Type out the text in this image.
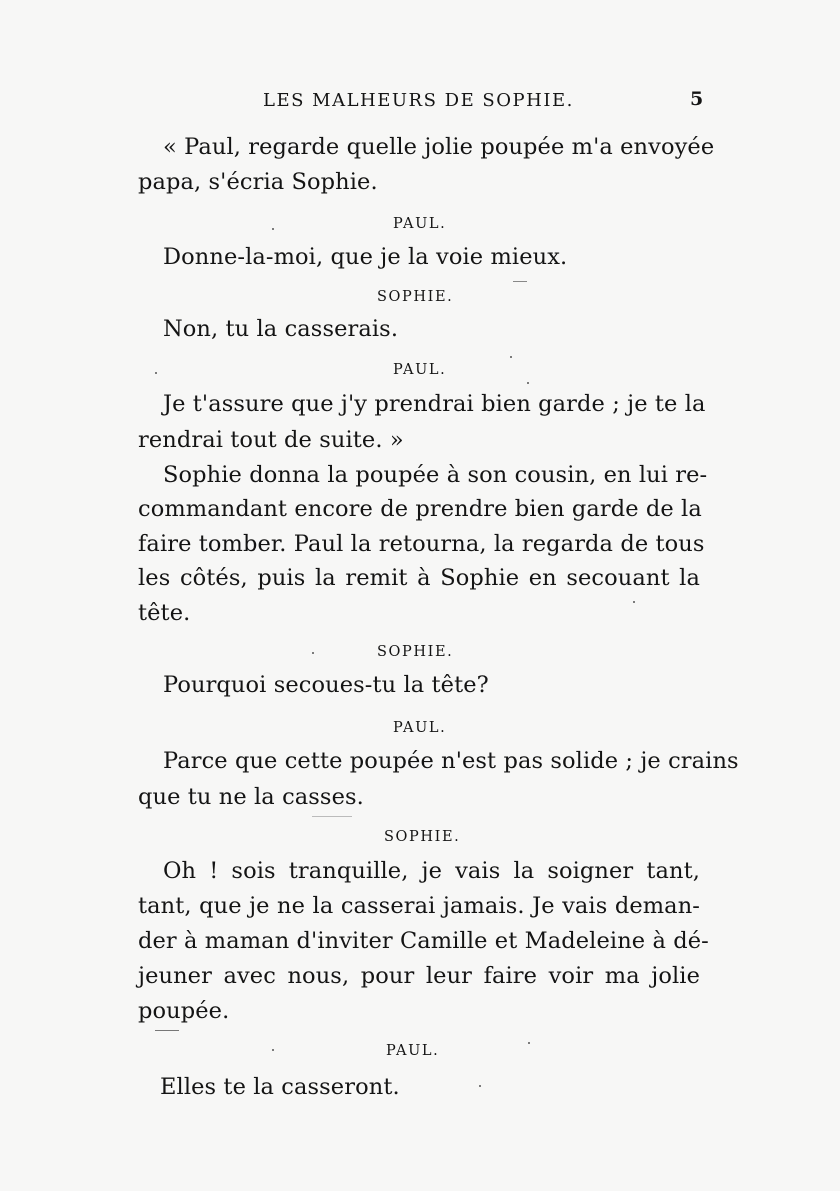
LES MALHEURS DE SOPHIE.	5
« Paul, regarde quelle jolie poupée m'a envoyée
papa, s'écria Sophie.
PAUL.
Donne-la-moi, que je la voie mieux.
SOPHIE.
Non, tu la casserais.
PAUL.
Je t'assure que j'y prendrai bien garde ; je te la
rendrai tout de suite. »
Sophie donna la poupée à son cousin, en lui re-
commandant encore de prendre bien garde de la
faire tomber. Paul la retourna, la regarda de tous
les côtés, puis la remit à Sophie en secouant la
tête.
SOPHIE.
Pourquoi secoues-tu la tête?
PAUL.
Parce que cette poupée n'est pas solide ; je crains
que tu ne la casses.
SOPHIE.
Oh ! sois tranquille, je vais la soigner tant,
tant, que je ne la casserai jamais. Je vais deman-
der à maman d'inviter Camille et Madeleine à dé-
jeuner avec nous, pour leur faire voir ma jolie
poupée.
PAUL.
Elles te la casseront.
